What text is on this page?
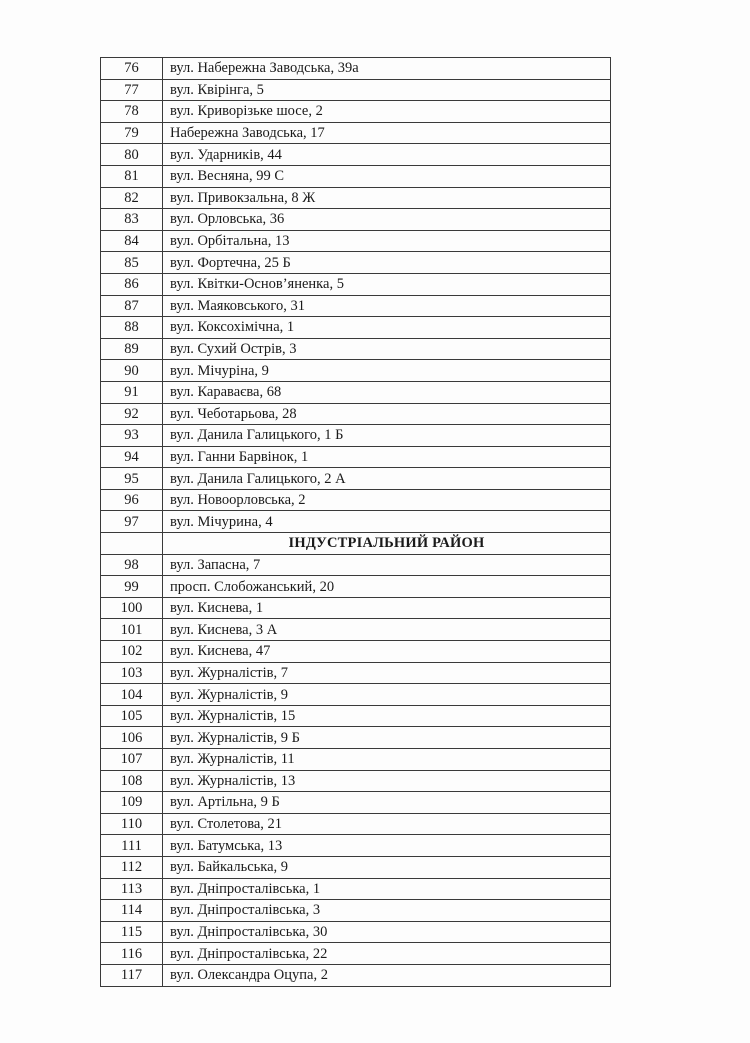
76	вул. Набережна Заводська, 39а
77	вул. Квірінга, 5
78	вул. Криворізьке шосе, 2
79	Набережна Заводська, 17
80	вул. Ударників, 44
81	вул. Весняна, 99 С
82	вул. Привокзальна, 8 Ж
83	вул. Орловська, 36
84	вул. Орбітальна, 13
85	вул. Фортечна, 25 Б
86	вул. Квітки-Основ’яненка, 5
87	вул. Маяковського, 31
88	вул. Коксохімічна, 1
89	вул. Сухий Острів, 3
90	вул. Мічуріна, 9
91	вул. Караваєва, 68
92	вул. Чеботарьова, 28
93	вул. Данила Галицького, 1 Б
94	вул. Ганни Барвінок, 1
95	вул. Данила Галицького, 2 А
96	вул. Новоорловська, 2
97	вул. Мічурина, 4
	ІНДУСТРІАЛЬНИЙ РАЙОН
98	вул. Запасна, 7
99	просп. Слобожанський, 20
100	вул. Киснева, 1
101	вул. Киснева, 3 А
102	вул. Киснева, 47
103	вул. Журналістів, 7
104	вул. Журналістів, 9
105	вул. Журналістів, 15
106	вул. Журналістів, 9 Б
107	вул. Журналістів, 11
108	вул. Журналістів, 13
109	вул. Артільна, 9 Б
110	вул. Столетова, 21
111	вул. Батумська, 13
112	вул. Байкальська, 9
113	вул. Дніпросталівська, 1
114	вул. Дніпросталівська, 3
115	вул. Дніпросталівська, 30
116	вул. Дніпросталівська, 22
117	вул. Олександра Оцупа, 2
